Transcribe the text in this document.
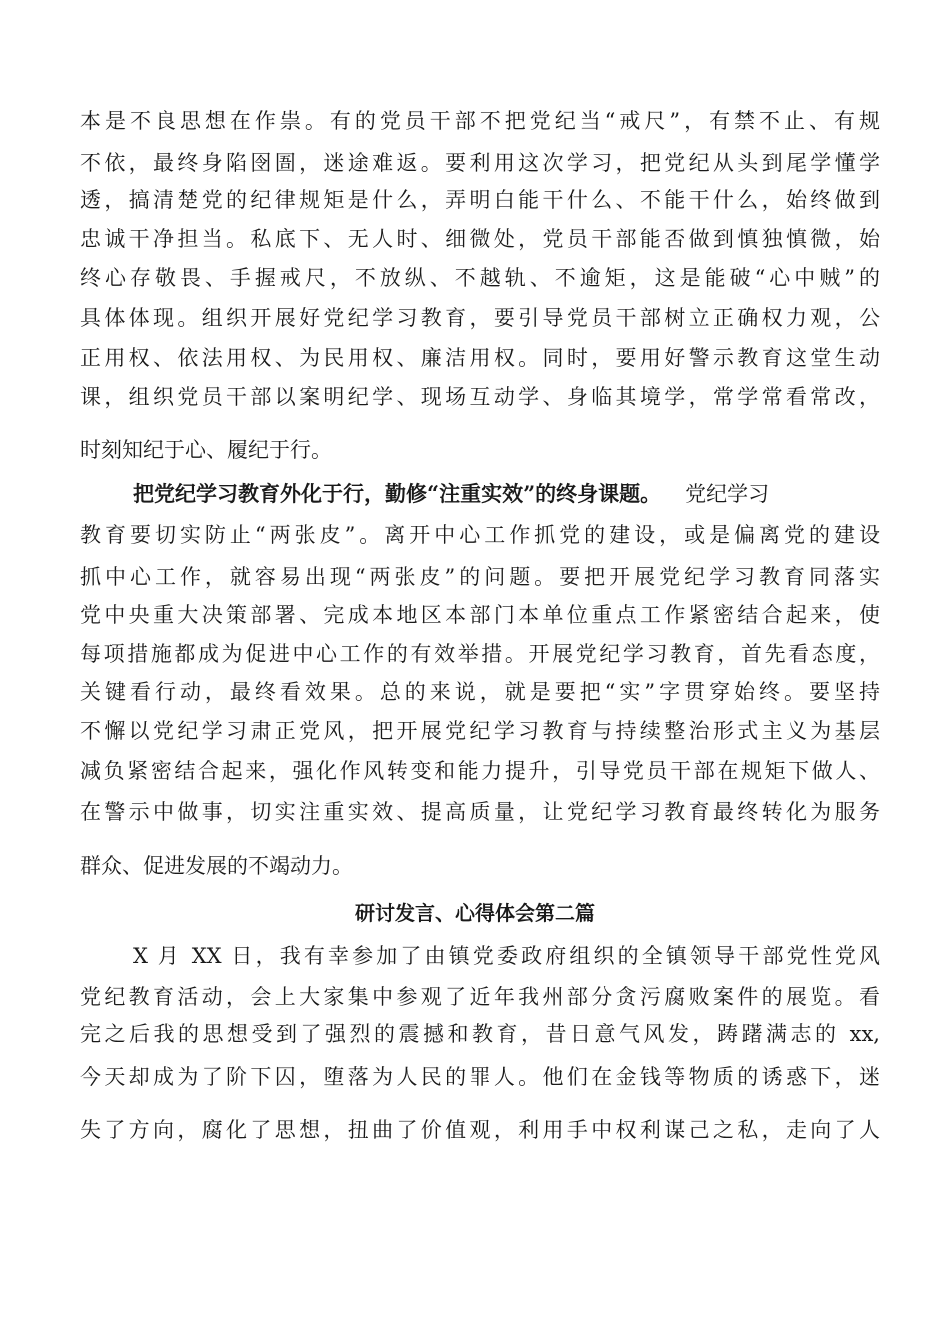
本是不良思想在作祟。有的党员干部不把党纪当“戒尺”，有禁不止、有规
不依，最终身陷囹圄，迷途难返。要利用这次学习，把党纪从头到尾学懂学
透，搞清楚党的纪律规矩是什么，弄明白能干什么、不能干什么，始终做到
忠诚干净担当。私底下、无人时、细微处，党员干部能否做到慎独慎微，始
终心存敬畏、手握戒尺，不放纵、不越轨、不逾矩，这是能破“心中贼”的
具体体现。组织开展好党纪学习教育，要引导党员干部树立正确权力观，公
正用权、依法用权、为民用权、廉洁用权。同时，要用好警示教育这堂生动
课，组织党员干部以案明纪学、现场互动学、身临其境学，常学常看常改，
时刻知纪于心、履纪于行。
把党纪学习教育外化于行，勤修“注重实效”的终身课题。 党纪学习
教育要切实防止“两张皮”。离开中心工作抓党的建设，或是偏离党的建设
抓中心工作，就容易出现“两张皮”的问题。要把开展党纪学习教育同落实
党中央重大决策部署、完成本地区本部门本单位重点工作紧密结合起来，使
每项措施都成为促进中心工作的有效举措。开展党纪学习教育，首先看态度，
关键看行动，最终看效果。总的来说，就是要把“实”字贯穿始终。要坚持
不懈以党纪学习肃正党风，把开展党纪学习教育与持续整治形式主义为基层
减负紧密结合起来，强化作风转变和能力提升，引导党员干部在规矩下做人、
在警示中做事，切实注重实效、提高质量，让党纪学习教育最终转化为服务
群众、促进发展的不竭动力。
研讨发言、心得体会第二篇
X 月 XX 日，我有幸参加了由镇党委政府组织的全镇领导干部党性党风
党纪教育活动，会上大家集中参观了近年我州部分贪污腐败案件的展览。看
完之后我的思想受到了强烈的震撼和教育，昔日意气风发，踌躇满志的 xx,
今天却成为了阶下囚，堕落为人民的罪人。他们在金钱等物质的诱惑下，迷
失了方向，腐化了思想，扭曲了价值观，利用手中权利谋己之私，走向了人
